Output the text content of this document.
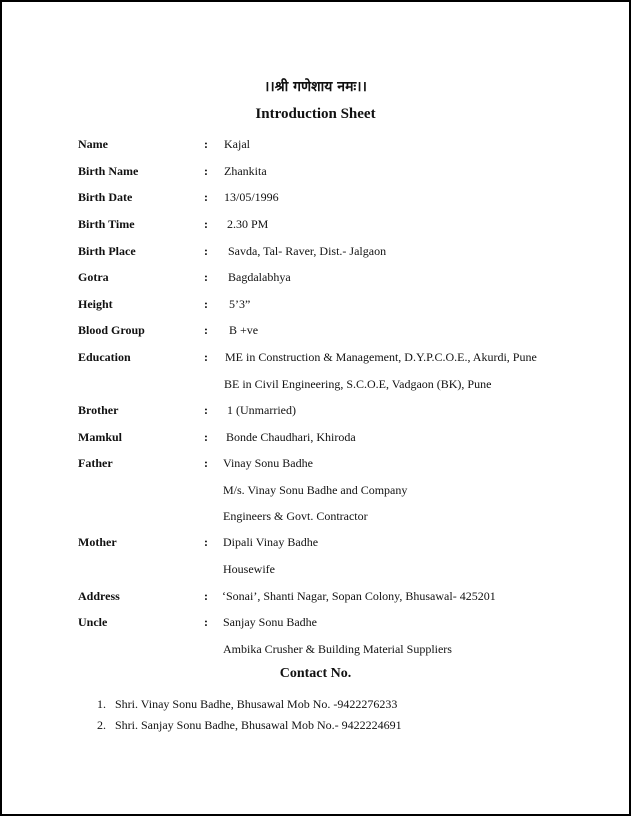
।।श्री गणेशाय नमः।।
Introduction Sheet
Name	: Kajal
Birth Name	: Zhankita
Birth Date	: 13/05/1996
Birth Time	: 2.30 PM
Birth Place	: Savda, Tal- Raver, Dist.- Jalgaon
Gotra	: Bagdalabhya
Height	: 5’3”
Blood Group	: B +ve
Education	: ME in Construction & Management, D.Y.P.C.O.E., Akurdi, Pune
BE in Civil Engineering, S.C.O.E, Vadgaon (BK), Pune
Brother	: 1 (Unmarried)
Mamkul	: Bonde Chaudhari, Khiroda
Father	: Vinay Sonu Badhe
M/s. Vinay Sonu Badhe and Company
Engineers & Govt. Contractor
Mother	: Dipali Vinay Badhe
Housewife
Address	: ‘Sonai’, Shanti Nagar, Sopan Colony, Bhusawal- 425201
Uncle	: Sanjay Sonu Badhe
Ambika Crusher & Building Material Suppliers
Contact No.
1. Shri. Vinay Sonu Badhe, Bhusawal Mob No. -9422276233
2. Shri. Sanjay Sonu Badhe, Bhusawal Mob No.- 9422224691
